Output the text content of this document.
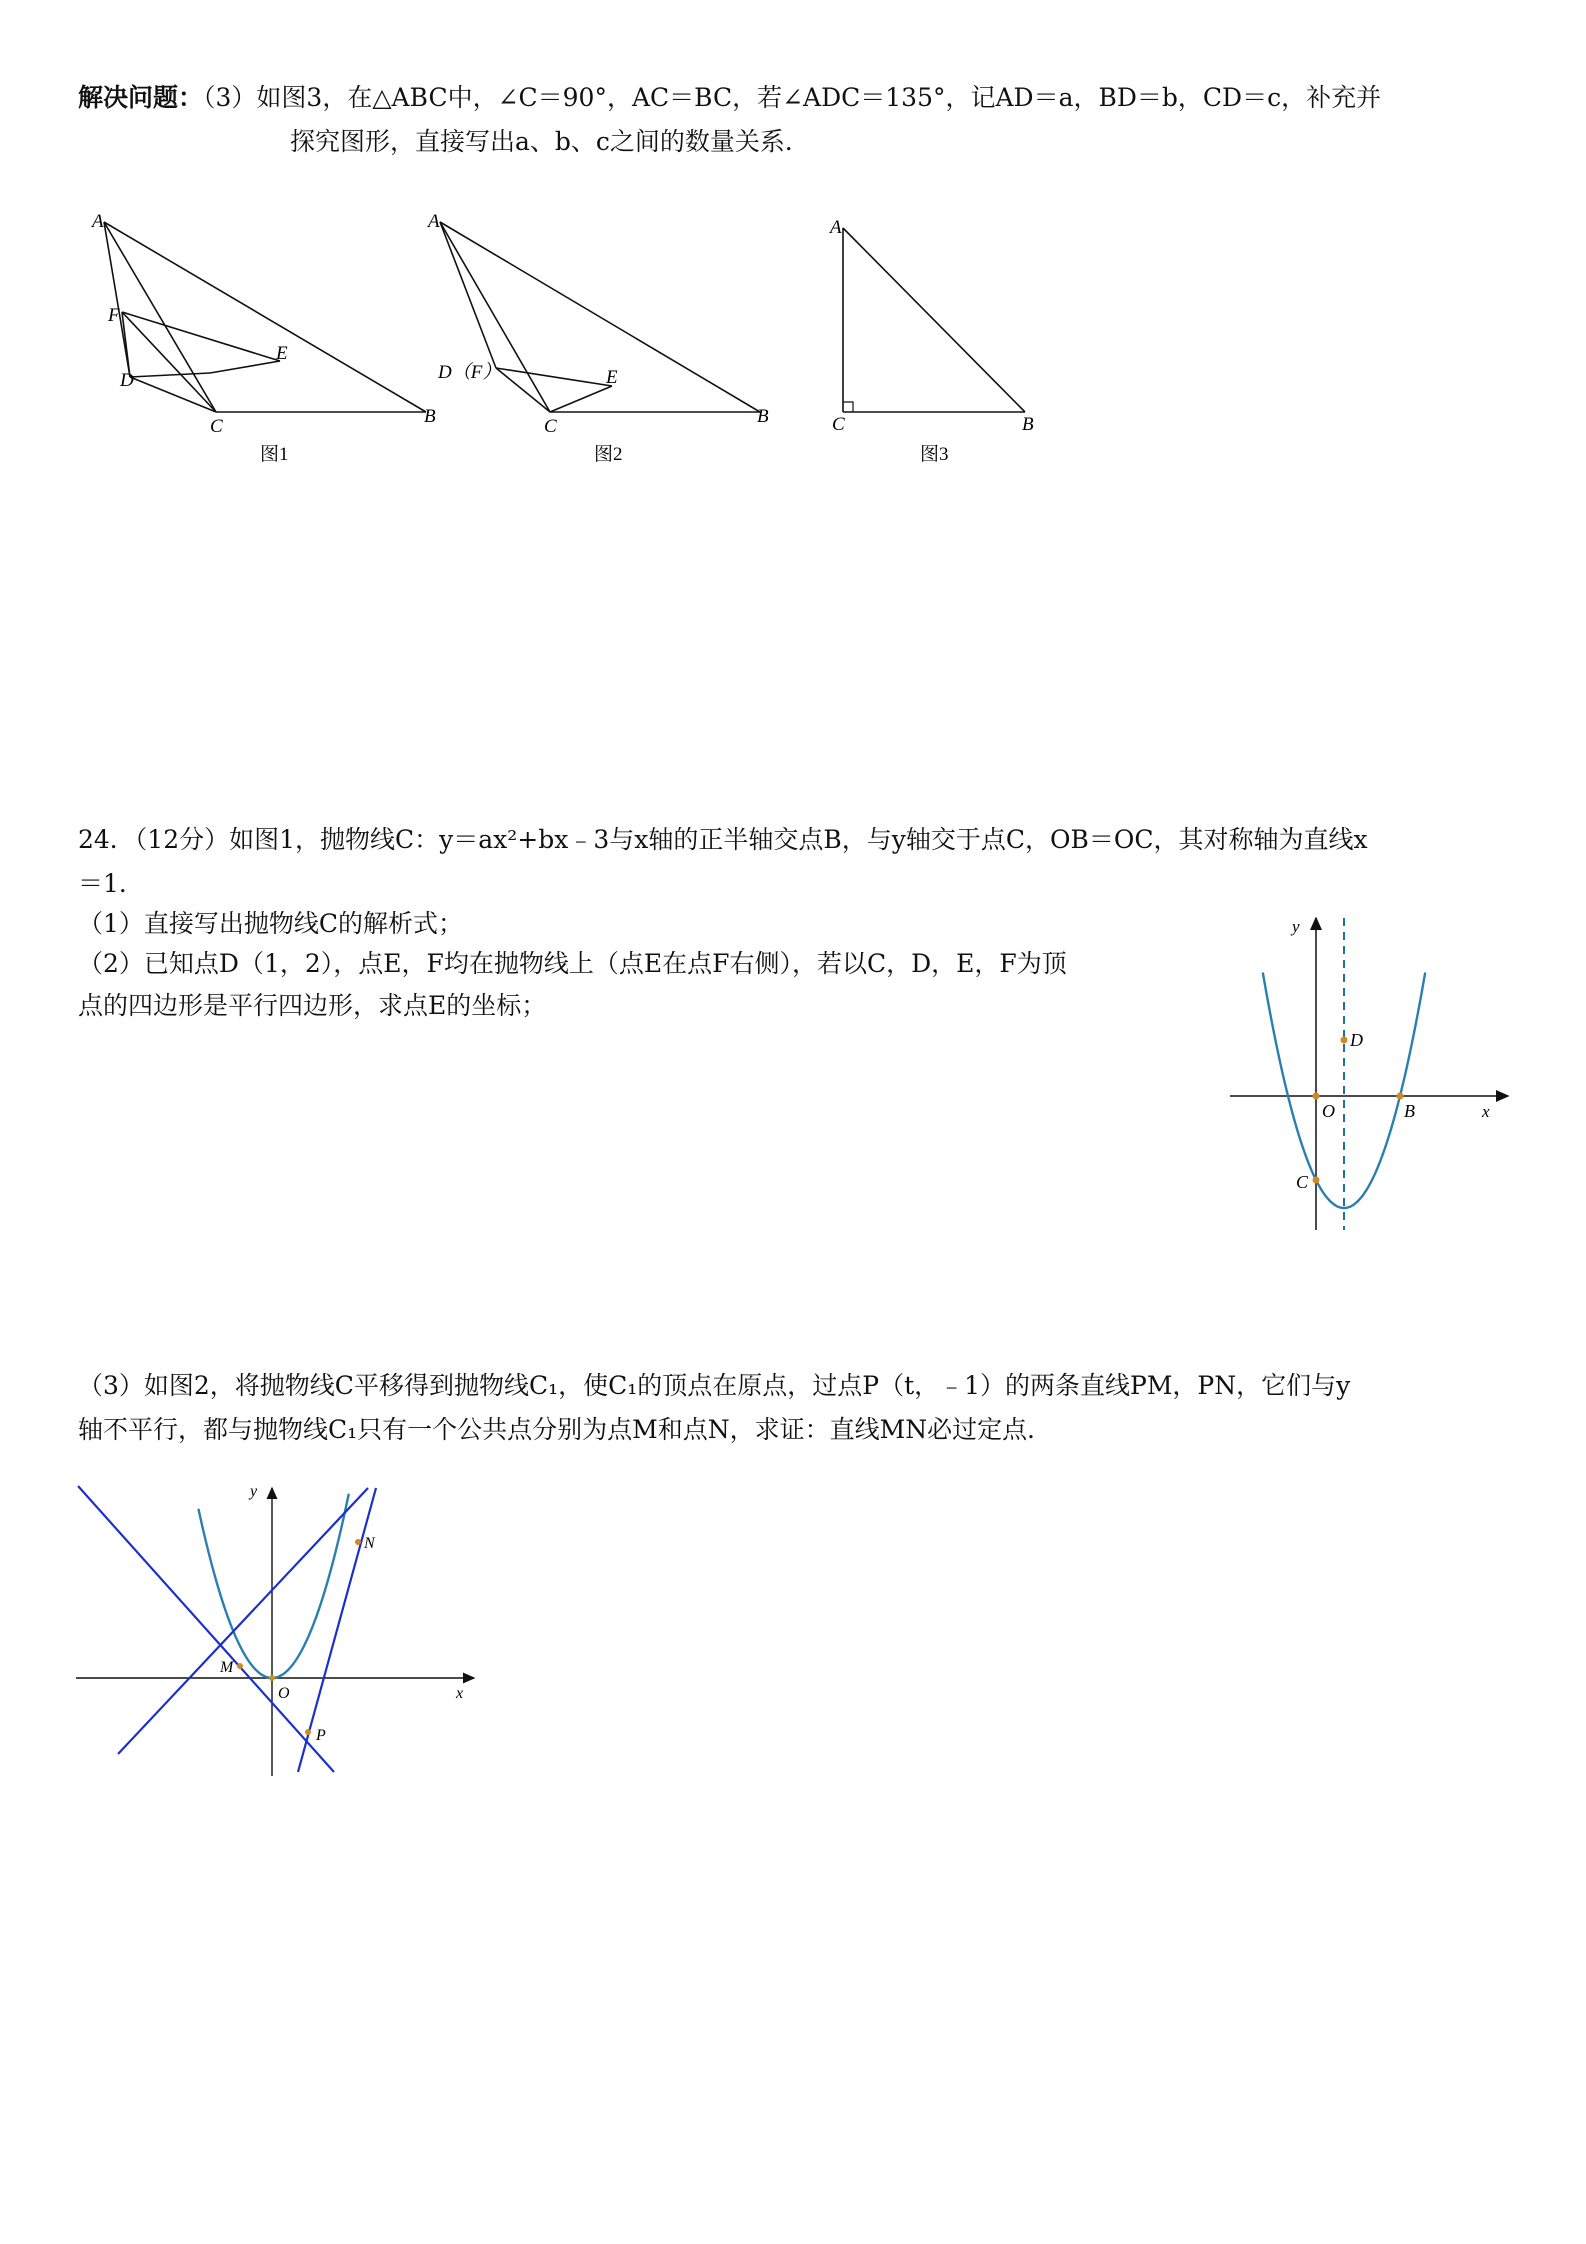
解决问题：（3）如图3，在△ABC中，∠C＝90°，AC＝BC，若∠ADC＝135°，记AD＝a，BD＝b，CD＝c，补充并
探究图形，直接写出a、b、c之间的数量关系．
A
F
D
E
C	B
图1
A
D（F）	E
C	B
图2
A
C	B
图3
24．（12分）如图1，抛物线C：y＝ax²+bx﹣3与x轴的正半轴交点B，与y轴交于点C，OB＝OC，其对称轴为直线x
＝1．
（1）直接写出抛物线C的解析式；
（2）已知点D（1，2），点E，F均在抛物线上（点E在点F右侧），若以C，D，E，F为顶
点的四边形是平行四边形，求点E的坐标；
y
x
O	B
C
D
（3）如图2，将抛物线C平移得到抛物线C₁，使C₁的顶点在原点，过点P（t，﹣1）的两条直线PM，PN，它们与y
轴不平行，都与抛物线C₁只有一个公共点分别为点M和点N，求证：直线MN必过定点．
y
x
O
M
N
P
